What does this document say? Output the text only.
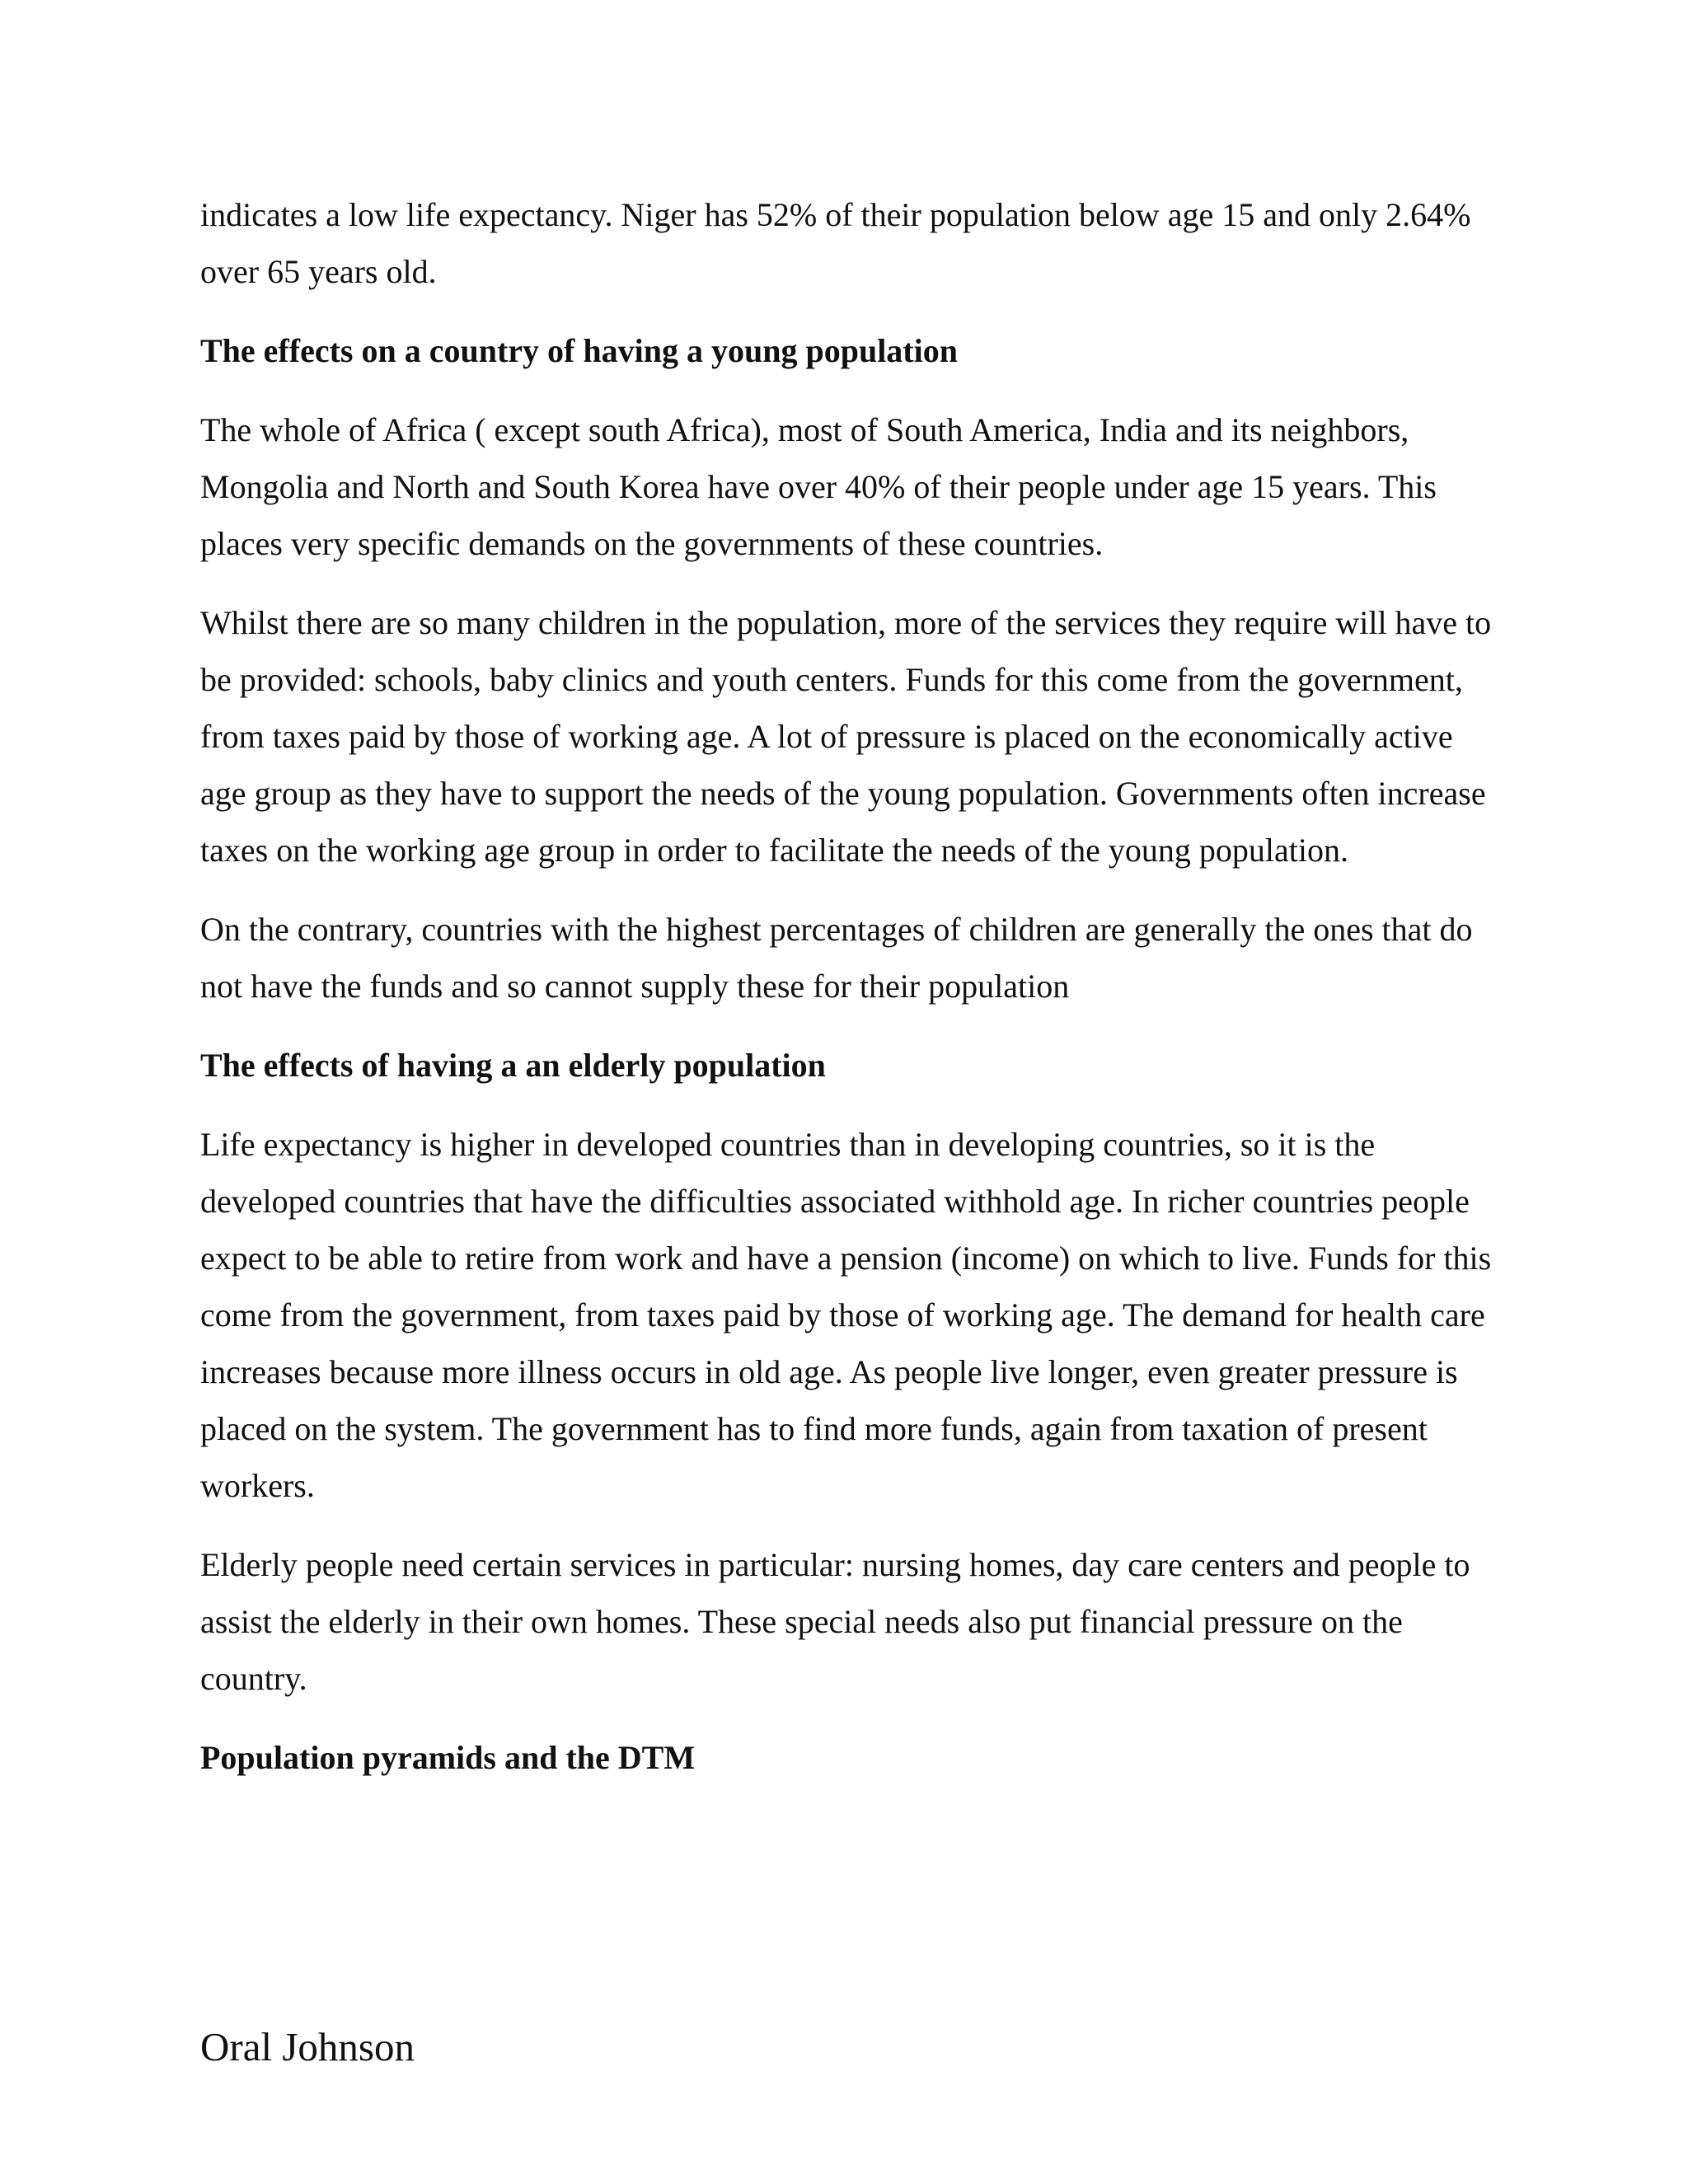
indicates a low life expectancy. Niger has 52% of their population below age 15 and only 2.64% over 65 years old.

The effects on a country of having a young population

The whole of Africa ( except south Africa), most of South America, India and its neighbors, Mongolia and North and South Korea have over 40% of their people under age 15 years. This places very specific demands on the governments of these countries.

Whilst there are so many children in the population, more of the services they require will have to be provided: schools, baby clinics and youth centers. Funds for this come from the government, from taxes paid by those of working age. A lot of pressure is placed on the economically active age group as they have to support the needs of the young population. Governments often increase taxes on the working age group in order to facilitate the needs of the young population.

On the contrary, countries with the highest percentages of children are generally the ones that do not have the funds and so cannot supply these for their population

The effects of having a an elderly population

Life expectancy is higher in developed countries than in developing countries, so it is the developed countries that have the difficulties associated withhold age. In richer countries people expect to be able to retire from work and have a pension (income) on which to live. Funds for this come from the government, from taxes paid by those of working age. The demand for health care increases because more illness occurs in old age. As people live longer, even greater pressure is placed on the system. The government has to find more funds, again from taxation of present workers.

Elderly people need certain services in particular: nursing homes, day care centers and people to assist the elderly in their own homes. These special needs also put financial pressure on the country.

Population pyramids and the DTM

Oral Johnson
